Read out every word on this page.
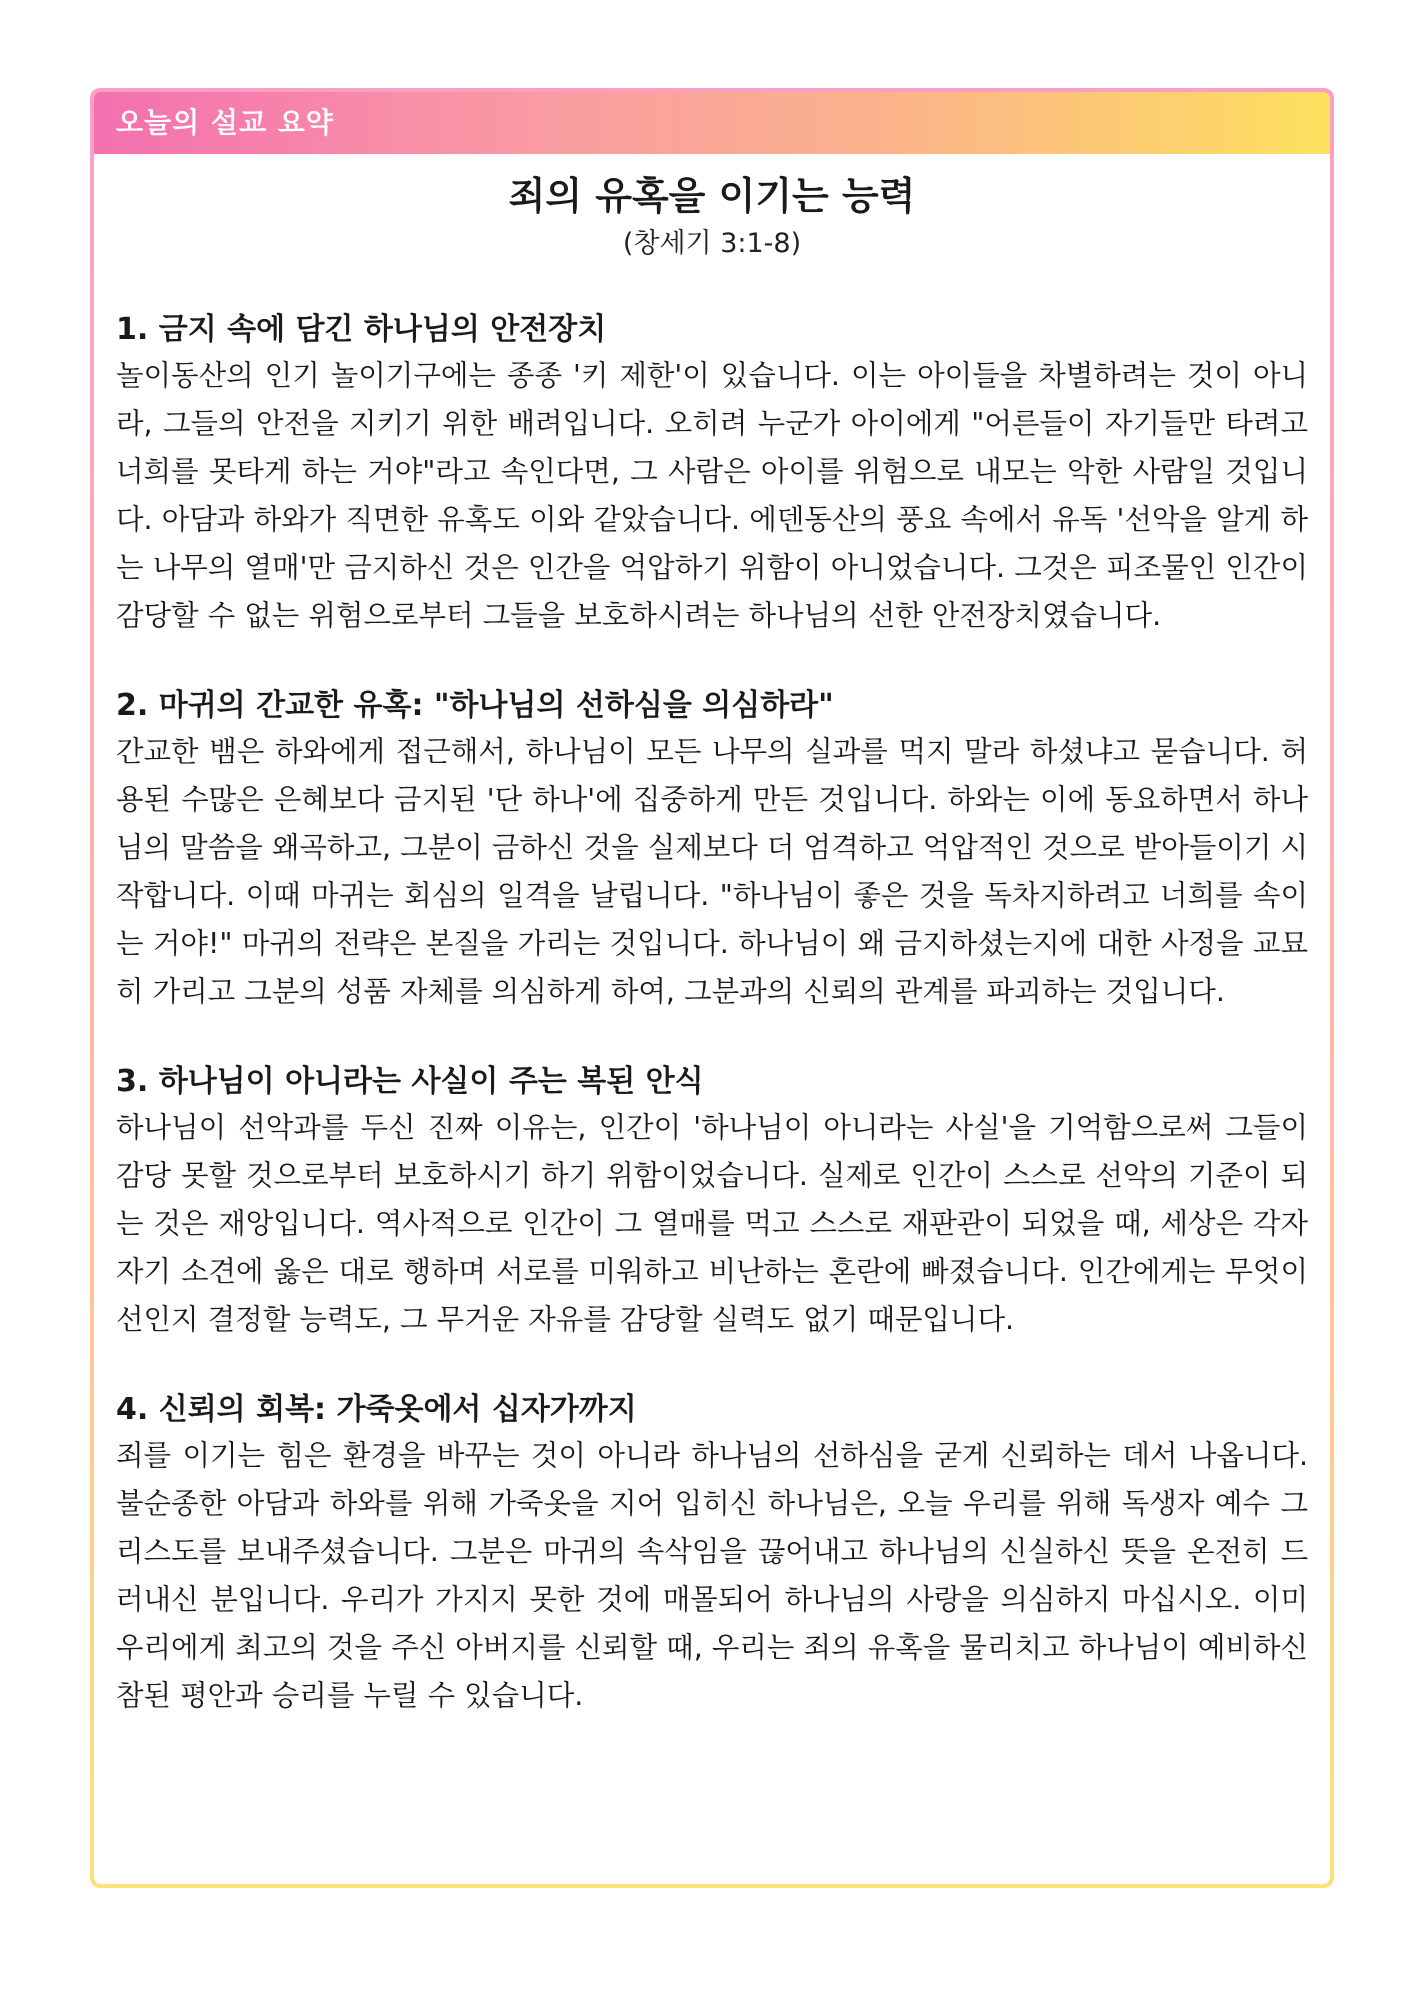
오늘의 설교 요약
죄의 유혹을 이기는 능력
(창세기 3:1-8)
1. 금지 속에 담긴 하나님의 안전장치

놀이동산의 인기 놀이기구에는 종종 '키 제한'이 있습니다. 이는 아이들을 차별하려는 것이 아니라, 그들의 안전을 지키기 위한 배려입니다. 오히려 누군가 아이에게 "어른들이 자기들만 타려고 너희를 못타게 하는 거야"라고 속인다면, 그 사람은 아이를 위험으로 내모는 악한 사람일 것입니다. 아담과 하와가 직면한 유혹도 이와 같았습니다. 에덴동산의 풍요 속에서 유독 '선악을 알게 하는 나무의 열매'만 금지하신 것은 인간을 억압하기 위함이 아니었습니다. 그것은 피조물인 인간이 감당할 수 없는 위험으로부터 그들을 보호하시려는 하나님의 선한 안전장치였습니다.

2. 마귀의 간교한 유혹: "하나님의 선하심을 의심하라"

간교한 뱀은 하와에게 접근해서, 하나님이 모든 나무의 실과를 먹지 말라 하셨냐고 묻습니다. 허용된 수많은 은혜보다 금지된 '단 하나'에 집중하게 만든 것입니다. 하와는 이에 동요하면서 하나님의 말씀을 왜곡하고, 그분이 금하신 것을 실제보다 더 엄격하고 억압적인 것으로 받아들이기 시작합니다. 이때 마귀는 회심의 일격을 날립니다. "하나님이 좋은 것을 독차지하려고 너희를 속이는 거야!" 마귀의 전략은 본질을 가리는 것입니다. 하나님이 왜 금지하셨는지에 대한 사정을 교묘히 가리고 그분의 성품 자체를 의심하게 하여, 그분과의 신뢰의 관계를 파괴하는 것입니다.

3. 하나님이 아니라는 사실이 주는 복된 안식

하나님이 선악과를 두신 진짜 이유는, 인간이 '하나님이 아니라는 사실'을 기억함으로써 그들이 감당 못할 것으로부터 보호하시기 하기 위함이었습니다. 실제로 인간이 스스로 선악의 기준이 되는 것은 재앙입니다. 역사적으로 인간이 그 열매를 먹고 스스로 재판관이 되었을 때, 세상은 각자 자기 소견에 옳은 대로 행하며 서로를 미워하고 비난하는 혼란에 빠졌습니다. 인간에게는 무엇이 선인지 결정할 능력도, 그 무거운 자유를 감당할 실력도 없기 때문입니다.

4. 신뢰의 회복: 가죽옷에서 십자가까지

죄를 이기는 힘은 환경을 바꾸는 것이 아니라 하나님의 선하심을 굳게 신뢰하는 데서 나옵니다. 불순종한 아담과 하와를 위해 가죽옷을 지어 입히신 하나님은, 오늘 우리를 위해 독생자 예수 그리스도를 보내주셨습니다. 그분은 마귀의 속삭임을 끊어내고 하나님의 신실하신 뜻을 온전히 드러내신 분입니다. 우리가 가지지 못한 것에 매몰되어 하나님의 사랑을 의심하지 마십시오. 이미 우리에게 최고의 것을 주신 아버지를 신뢰할 때, 우리는 죄의 유혹을 물리치고 하나님이 예비하신 참된 평안과 승리를 누릴 수 있습니다.
